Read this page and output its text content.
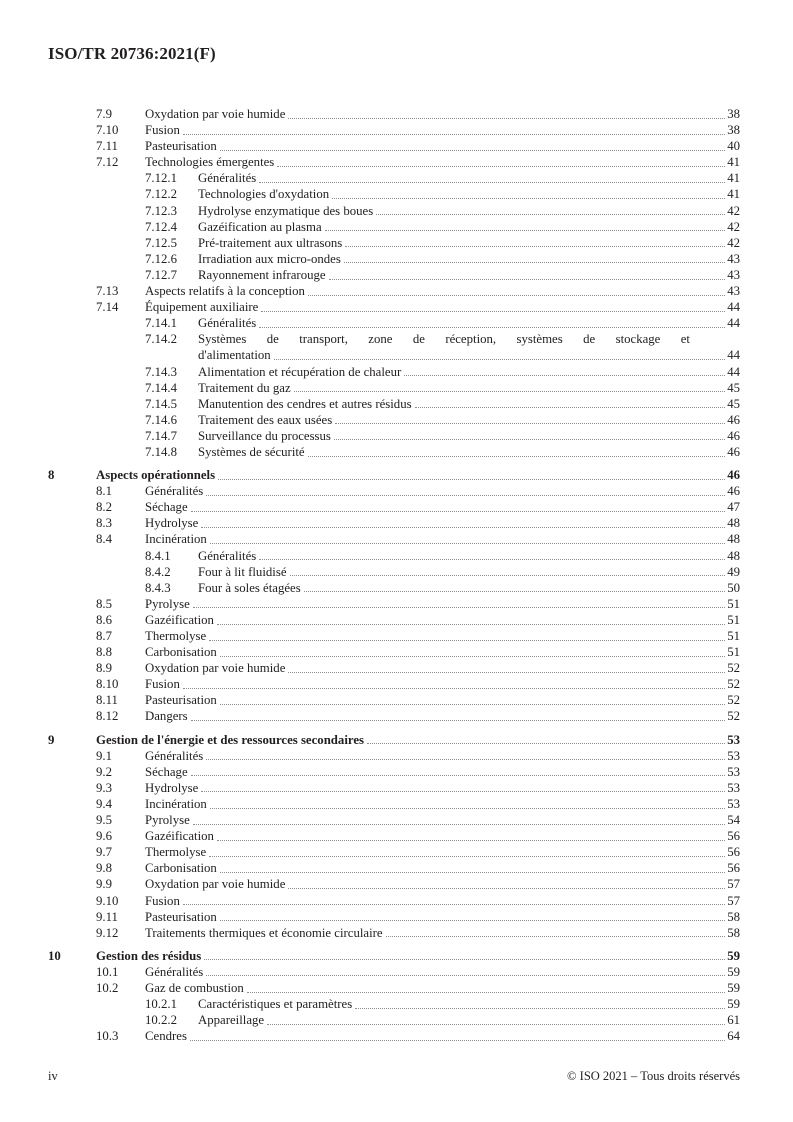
ISO/TR 20736:2021(F)
7.9	Oxydation par voie humide	38
7.10	Fusion	38
7.11	Pasteurisation	40
7.12	Technologies émergentes	41
7.12.1	Généralités	41
7.12.2	Technologies d'oxydation	41
7.12.3	Hydrolyse enzymatique des boues	42
7.12.4	Gazéification au plasma	42
7.12.5	Pré-traitement aux ultrasons	42
7.12.6	Irradiation aux micro-ondes	43
7.12.7	Rayonnement infrarouge	43
7.13	Aspects relatifs à la conception	43
7.14	Équipement auxiliaire	44
7.14.1	Généralités	44
7.14.2	Systèmes de transport, zone de réception, systèmes de stockage et
d'alimentation	44
7.14.3	Alimentation et récupération de chaleur	44
7.14.4	Traitement du gaz	45
7.14.5	Manutention des cendres et autres résidus	45
7.14.6	Traitement des eaux usées	46
7.14.7	Surveillance du processus	46
7.14.8	Systèmes de sécurité	46
8	Aspects opérationnels	46
8.1	Généralités	46
8.2	Séchage	47
8.3	Hydrolyse	48
8.4	Incinération	48
8.4.1	Généralités	48
8.4.2	Four à lit fluidisé	49
8.4.3	Four à soles étagées	50
8.5	Pyrolyse	51
8.6	Gazéification	51
8.7	Thermolyse	51
8.8	Carbonisation	51
8.9	Oxydation par voie humide	52
8.10	Fusion	52
8.11	Pasteurisation	52
8.12	Dangers	52
9	Gestion de l'énergie et des ressources secondaires	53
9.1	Généralités	53
9.2	Séchage	53
9.3	Hydrolyse	53
9.4	Incinération	53
9.5	Pyrolyse	54
9.6	Gazéification	56
9.7	Thermolyse	56
9.8	Carbonisation	56
9.9	Oxydation par voie humide	57
9.10	Fusion	57
9.11	Pasteurisation	58
9.12	Traitements thermiques et économie circulaire	58
10	Gestion des résidus	59
10.1	Généralités	59
10.2	Gaz de combustion	59
10.2.1	Caractéristiques et paramètres	59
10.2.2	Appareillage	61
10.3	Cendres	64
iv	© ISO 2021 – Tous droits réservés
